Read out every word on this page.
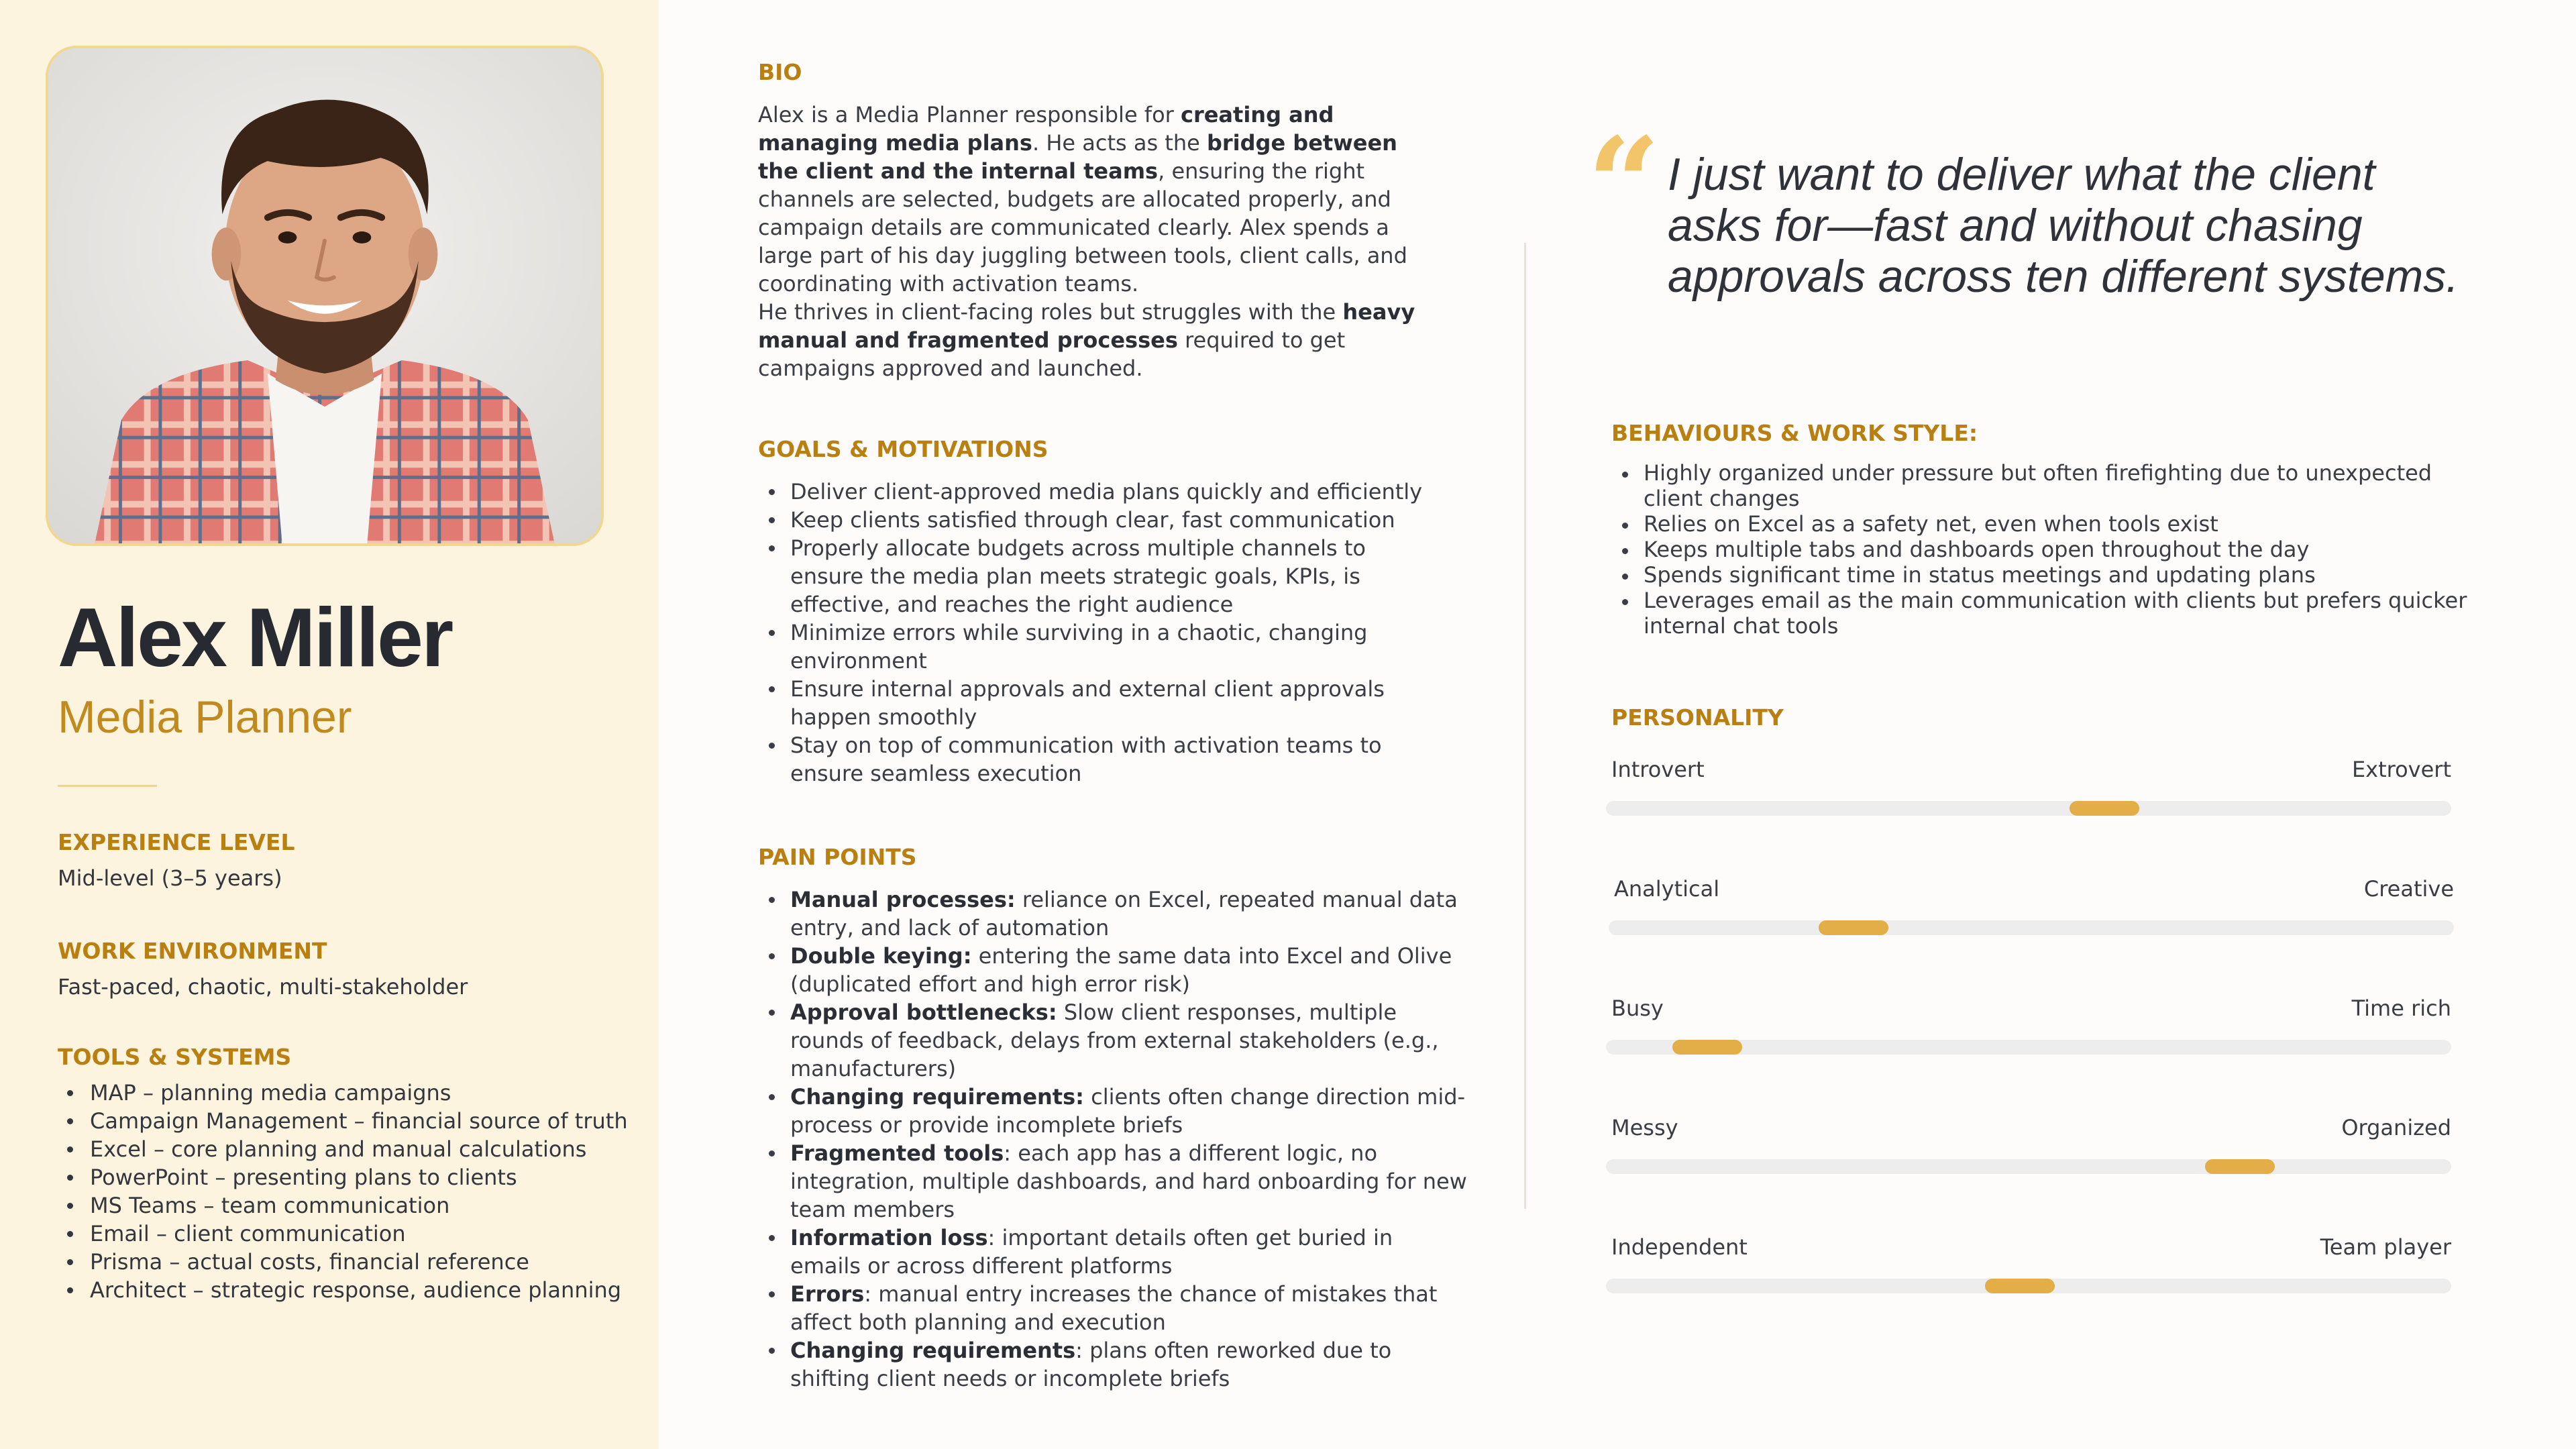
Alex Miller
Media Planner
EXPERIENCE LEVEL
Mid-level (3–5 years)
WORK ENVIRONMENT
Fast-paced, chaotic, multi-stakeholder
TOOLS & SYSTEMS
MAP – planning media campaigns
Campaign Management – financial source of truth
Excel – core planning and manual calculations
PowerPoint – presenting plans to clients
MS Teams – team communication
Email – client communication
Prisma – actual costs, financial reference
Architect – strategic response, audience planning
BIO
Alex is a Media Planner responsible for creating and managing media plans. He acts as the bridge between the client and the internal teams, ensuring the right channels are selected, budgets are allocated properly, and campaign details are communicated clearly. Alex spends a large part of his day juggling between tools, client calls, and coordinating with activation teams.
He thrives in client-facing roles but struggles with the heavy manual and fragmented processes required to get campaigns approved and launched.
GOALS & MOTIVATIONS
Deliver client-approved media plans quickly and efficiently
Keep clients satisfied through clear, fast communication
Properly allocate budgets across multiple channels to ensure the media plan meets strategic goals, KPIs, is effective, and reaches the right audience
Minimize errors while surviving in a chaotic, changing environment
Ensure internal approvals and external client approvals happen smoothly
Stay on top of communication with activation teams to ensure seamless execution
PAIN POINTS
Manual processes: reliance on Excel, repeated manual data entry, and lack of automation
Double keying: entering the same data into Excel and Olive (duplicated effort and high error risk)
Approval bottlenecks: Slow client responses, multiple rounds of feedback, delays from external stakeholders (e.g., manufacturers)
Changing requirements: clients often change direction mid-process or provide incomplete briefs
Fragmented tools: each app has a different logic, no integration, multiple dashboards, and hard onboarding for new team members
Information loss: important details often get buried in emails or across different platforms
Errors: manual entry increases the chance of mistakes that affect both planning and execution
Changing requirements: plans often reworked due to shifting client needs or incomplete briefs
“ I just want to deliver what the client asks for—fast and without chasing approvals across ten different systems.
BEHAVIOURS & WORK STYLE:
Highly organized under pressure but often firefighting due to unexpected client changes
Relies on Excel as a safety net, even when tools exist
Keeps multiple tabs and dashboards open throughout the day
Spends significant time in status meetings and updating plans
Leverages email as the main communication with clients but prefers quicker internal chat tools
PERSONALITY
Introvert	Extrovert
Analytical	Creative
Busy	Time rich
Messy	Organized
Independent	Team player
